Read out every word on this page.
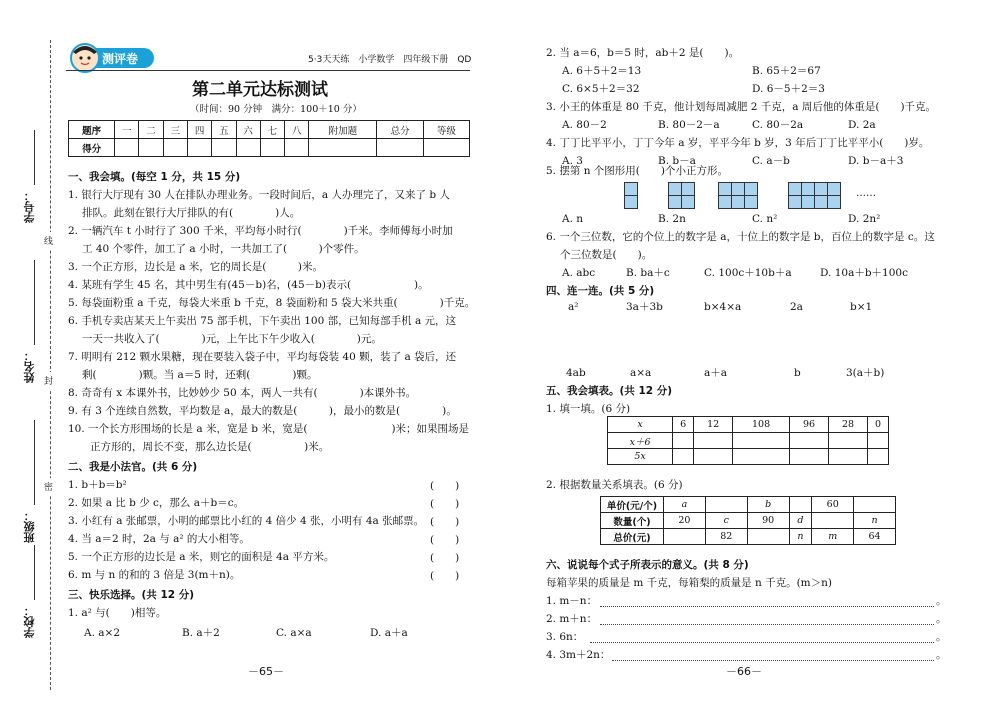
学号：
姓名：
班级：
学校：
线
封
密
测评卷	5·3天天练　小学数学　四年级下册　QD
第二单元达标测试
（时间：90 分钟　满分：100＋10 分）
题序	一	二	三	四	五	六	七	八	附加题	总分	等级
得分											
一、我会填。(每空 1 分，共 15 分)
1. 银行大厅现有 30 人在排队办理业务。一段时间后，a 人办理完了，又来了 b 人
排队。此刻在银行大厅排队的有(　　　　)人。
2. 一辆汽车 t 小时行了 300 千米，平均每小时行(　　　　)千米。李师傅每小时加
工 40 个零件，加工了 a 小时，一共加工了(　　　)个零件。
3. 一个正方形，边长是 a 米，它的周长是(　　　)米。
4. 某班有学生 45 名，其中男生有(45－b)名，(45－b)表示(　　　　　　)。
5. 每袋面粉重 a 千克，每袋大米重 b 千克，8 袋面粉和 5 袋大米共重(　　　　)千克。
6. 手机专卖店某天上午卖出 75 部手机，下午卖出 100 部，已知每部手机 a 元，这
一天一共收入了(　　　　)元，上午比下午少收入(　　　　)元。
7. 明明有 212 颗水果糖，现在要装入袋子中，平均每袋装 40 颗，装了 a 袋后，还
剩(　　　　)颗。当 a＝5 时，还剩(　　　　)颗。
8. 奇奇有 x 本课外书，比妙妙少 50 本，两人一共有(　　　　)本课外书。
9. 有 3 个连续自然数，平均数是 a，最大的数是(　　　)，最小的数是(　　　　)。
10. 一个长方形围场的长是 a 米，宽是 b 米，宽是(　　　　　　　　)米；如果围场是
正方形的，周长不变，那么边长是(　　　　　)米。
二、我是小法官。(共 6 分)
1. b＋b＝b²	(　　)
2. 如果 a 比 b 少 c，那么 a＋b＝c。	(　　)
3. 小红有 a 张邮票，小明的邮票比小红的 4 倍少 4 张，小明有 4a 张邮票。 (　　)
4. 当 a＝2 时，2a 与 a² 的大小相等。	(　　)
5. 一个正方形的边长是 a 米，则它的面积是 4a 平方米。	(　　)
6. m 与 n 的和的 3 倍是 3(m＋n)。	(　　)
三、快乐选择。(共 12 分)
1. a² 与(　　)相等。
A. a×2	B. a＋2	C. a×a	D. a＋a
－65－
2. 当 a＝6，b＝5 时，ab＋2 是(　　)。
A. 6＋5＋2＝13	B. 65＋2＝67
C. 6×5＋2＝32	D. 6－5＋2＝3
3. 小王的体重是 80 千克，他计划每周减肥 2 千克，a 周后他的体重是(　　)千克。
A. 80－2	B. 80－2－a	C. 80－2a	D. 2a
4. 丁丁比平平小，丁丁今年 a 岁，平平今年 b 岁，3 年后丁丁比平平小(　　)岁。
A. 3	B. b－a	C. a－b	D. b－a＋3
5. 摆第 n 个图形用(　　)个小正方形。
……
A. n	B. 2n	C. n²	D. 2n²
6. 一个三位数，它的个位上的数字是 a，十位上的数字是 b，百位上的数字是 c。这
个三位数是(　　)。
A. abc	B. ba＋c	C. 100c＋10b＋a	D. 10a＋b＋100c
四、连一连。(共 5 分)
a²	3a＋3b	b×4×a	2a	b×1
4ab	a×a	a＋a	b	3(a＋b)
五、我会填表。(共 12 分)
1. 填一填。(6 分)
x	6	12	108	96	28	0
x＋6						
5x						
2. 根据数量关系填表。(6 分)
单价(元/个)	a		b		60	
数量(个)	20	c	90	d		n
总价(元)		82		n	m	64
六、说说每个式子所表示的意义。(共 8 分)
每箱苹果的质量是 m 千克，每箱梨的质量是 n 千克。(m＞n)
1. m－n：	。
2. m＋n：	。
3. 6n：	。
4. 3m＋2n：	。
－66－
